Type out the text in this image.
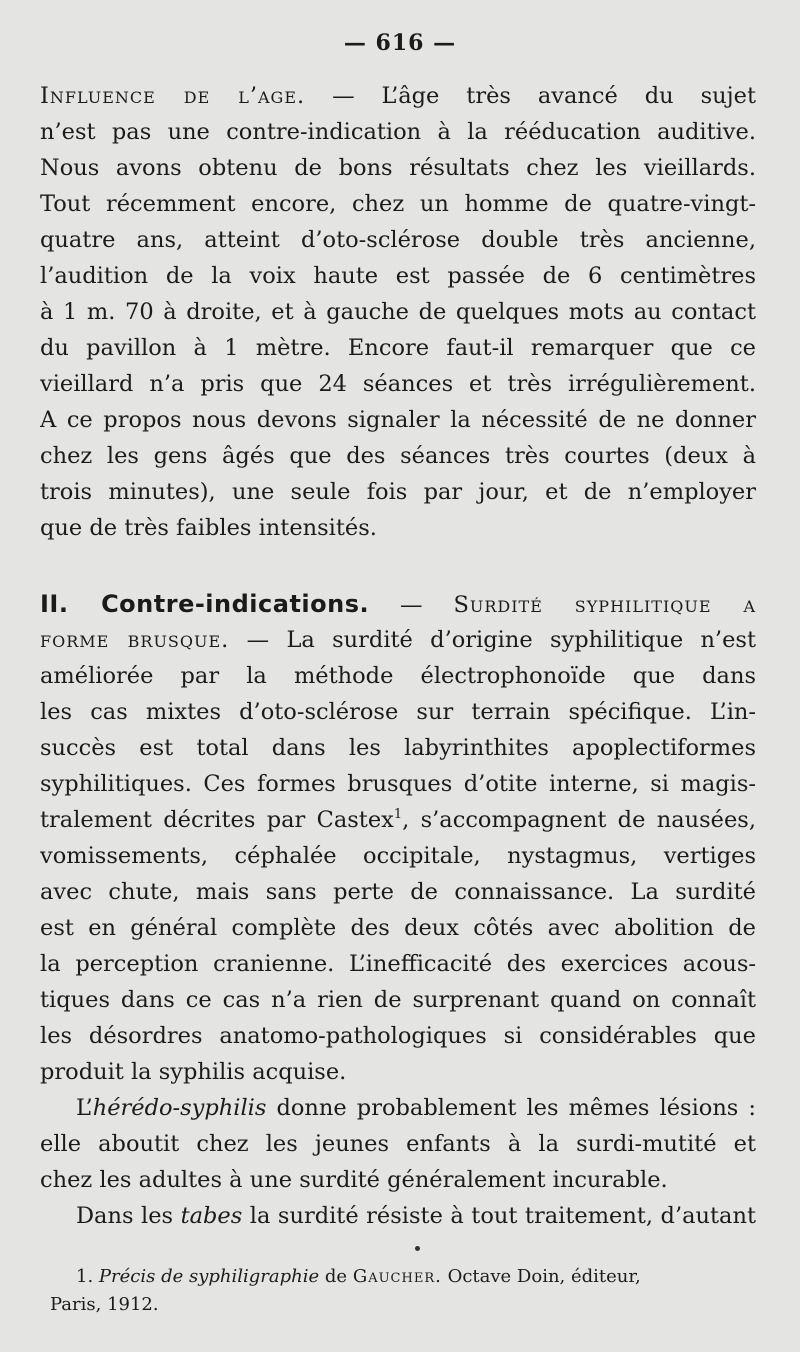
— 616 —
Influence de l’age. — L’âge très avancé du sujet
n’est pas une contre-indication à la rééducation auditive.
Nous avons obtenu de bons résultats chez les vieillards.
Tout récemment encore, chez un homme de quatre-vingt-
quatre ans, atteint d’oto-sclérose double très ancienne,
l’audition de la voix haute est passée de 6 centimètres
à 1 m. 70 à droite, et à gauche de quelques mots au contact
du pavillon à 1 mètre. Encore faut-il remarquer que ce
vieillard n’a pris que 24 séances et très irrégulièrement.
A ce propos nous devons signaler la nécessité de ne donner
chez les gens âgés que des séances très courtes (deux à
trois minutes), une seule fois par jour, et de n’employer
que de très faibles intensités.
II. Contre-indications. — Surdité syphilitique a
forme brusque. — La surdité d’origine syphilitique n’est
améliorée par la méthode électrophonoïde que dans
les cas mixtes d’oto-sclérose sur terrain spécifique. L’in-
succès est total dans les labyrinthites apoplectiformes
syphilitiques. Ces formes brusques d’otite interne, si magis-
tralement décrites par Castex$^1$, s’accompagnent de nausées,
vomissements, céphalée occipitale, nystagmus, vertiges
avec chute, mais sans perte de connaissance. La surdité
est en général complète des deux côtés avec abolition de
la perception cranienne. L’inefficacité des exercices acous-
tiques dans ce cas n’a rien de surprenant quand on connaît
les désordres anatomo-pathologiques si considérables que
produit la syphilis acquise.
L’hérédo-syphilis donne probablement les mêmes lésions :
elle aboutit chez les jeunes enfants à la surdi-mutité et
chez les adultes à une surdité généralement incurable.
Dans les tabes la surdité résiste à tout traitement, d’autant
1. Précis de syphiligraphie de Gaucher. Octave Doin, éditeur,
Paris, 1912.
